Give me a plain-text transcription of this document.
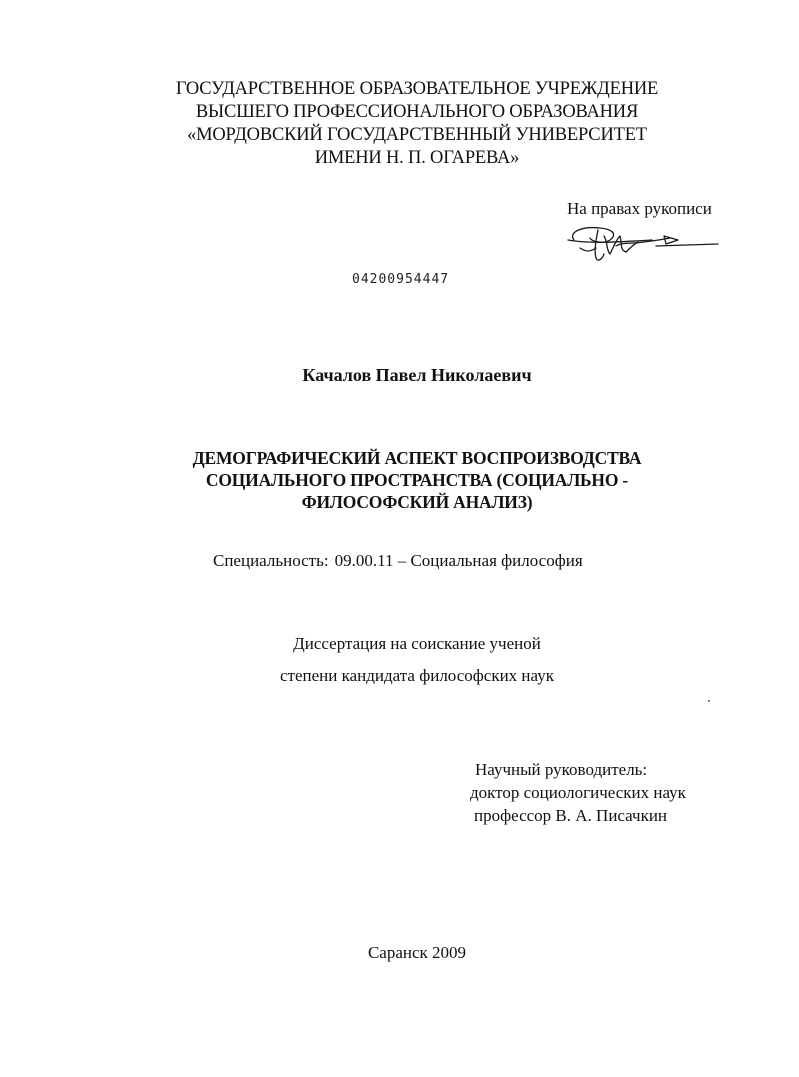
ГОСУДАРСТВЕННОЕ ОБРАЗОВАТЕЛЬНОЕ УЧРЕЖДЕНИЕ
ВЫСШЕГО ПРОФЕССИОНАЛЬНОГО ОБРАЗОВАНИЯ
«МОРДОВСКИЙ ГОСУДАРСТВЕННЫЙ УНИВЕРСИТЕТ
ИМЕНИ Н. П. ОГАРЕВА»
На правах рукописи
04200954447
Качалов Павел Николаевич
ДЕМОГРАФИЧЕСКИЙ АСПЕКТ ВОСПРОИЗВОДСТВА
СОЦИАЛЬНОГО ПРОСТРАНСТВА (СОЦИАЛЬНО -
ФИЛОСОФСКИЙ АНАЛИЗ)
Специальность: 09.00.11 – Социальная философия
Диссертация на соискание ученой
степени кандидата философских наук
Научный руководитель:
доктор социологических наук
профессор В. А. Писачкин
Саранск 2009
